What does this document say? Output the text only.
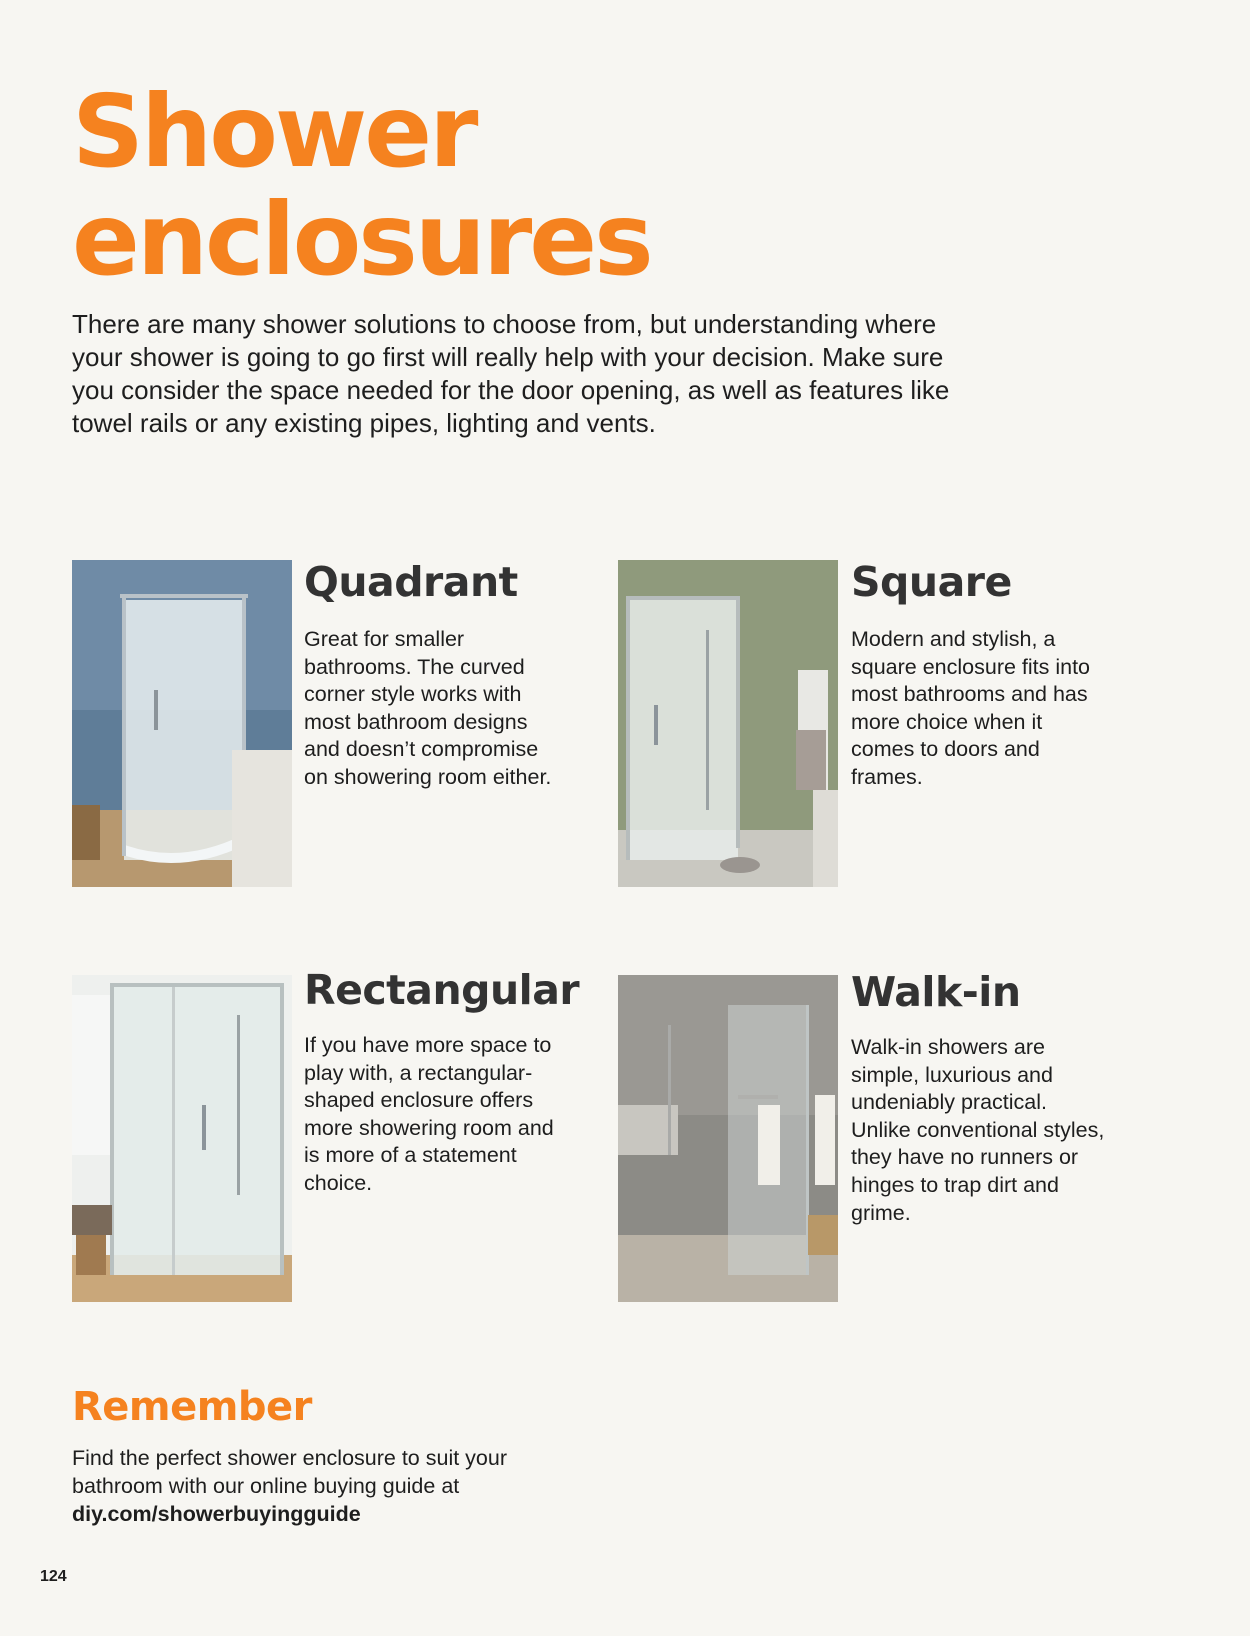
Shower
enclosures

There are many shower solutions to choose from, but understanding where your shower is going to go first will really help with your decision. Make sure you consider the space needed for the door opening, as well as features like towel rails or any existing pipes, lighting and vents.

Quadrant

Great for smaller bathrooms. The curved corner style works with most bathroom designs and doesn’t compromise on showering room either.

Square

Modern and stylish, a square enclosure fits into most bathrooms and has more choice when it comes to doors and frames.

Rectangular

If you have more space to play with, a rectangular-shaped enclosure offers more showering room and is more of a statement choice.

Walk-in

Walk-in showers are simple, luxurious and undeniably practical. Unlike conventional styles, they have no runners or hinges to trap dirt and grime.

Remember

Find the perfect shower enclosure to suit your bathroom with our online buying guide at diy.com/showerbuyingguide

124
